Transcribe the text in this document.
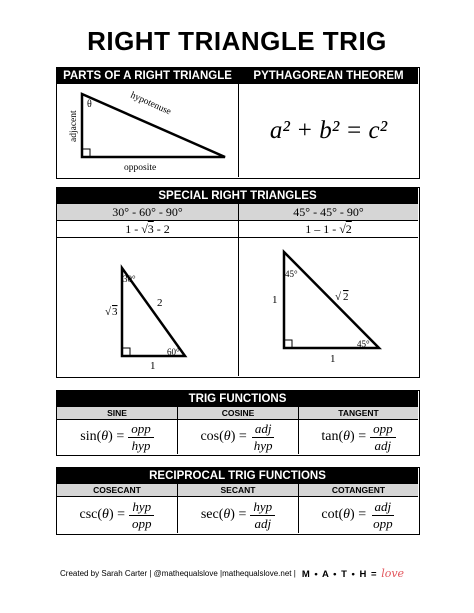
RIGHT TRIANGLE TRIG
PARTS OF A RIGHT TRIANGLE
θ	hypotenuse
adjacent
opposite
PYTHAGOREAN THEOREM
a² + b² = c²
SPECIAL RIGHT TRIANGLES
30° - 60° - 90°	45° - 45° - 90°
1 - √3 - 2	1 – 1 - √2
30°
60°
√ 3
2
1
45°
45°
1	√ 2
1
TRIG FUNCTIONS
SINE	COSINE	TANGENT
$\sin(\theta) = \frac{\text{opp}}{\text{hyp}}$	$\cos(\theta) = \frac{\text{adj}}{\text{hyp}}$	$\tan(\theta) = \frac{\text{opp}}{\text{adj}}$
RECIPROCAL TRIG FUNCTIONS
COSECANT	SECANT	COTANGENT
$\csc(\theta) = \frac{\text{hyp}}{\text{opp}}$	$\sec(\theta) = \frac{\text{hyp}}{\text{adj}}$	$\cot(\theta) = \frac{\text{adj}}{\text{opp}}$
Created by Sarah Carter | @mathequalslove |mathequalslove.net | M • A • T • H = love
